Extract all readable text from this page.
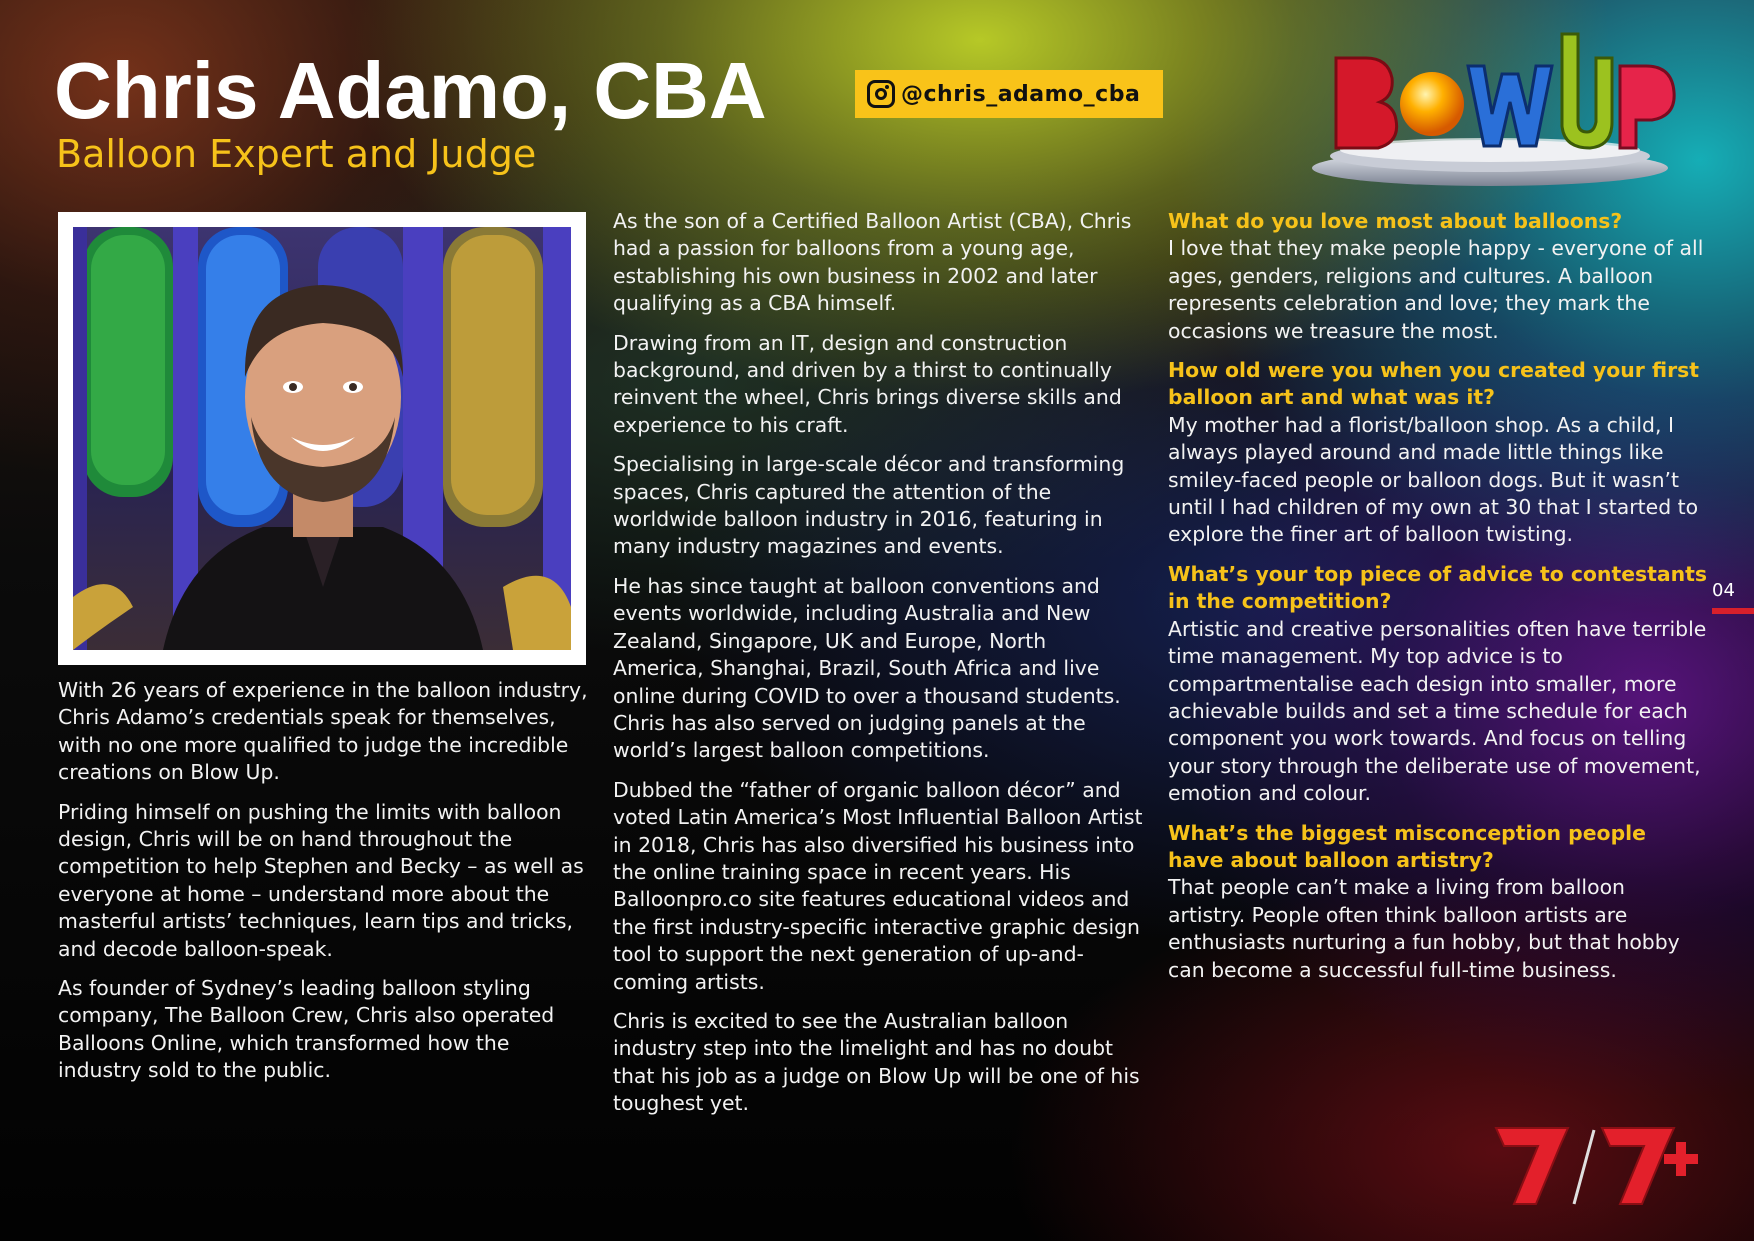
Chris Adamo, CBA
Balloon Expert and Judge
@chris_adamo_cba

With 26 years of experience in the balloon industry, Chris Adamo’s credentials speak for themselves, with no one more qualified to judge the incredible creations on Blow Up.

Priding himself on pushing the limits with balloon design, Chris will be on hand throughout the competition to help Stephen and Becky – as well as everyone at home – understand more about the masterful artists’ techniques, learn tips and tricks, and decode balloon-speak.

As founder of Sydney’s leading balloon styling company, The Balloon Crew, Chris also operated Balloons Online, which transformed how the industry sold to the public.

As the son of a Certified Balloon Artist (CBA), Chris had a passion for balloons from a young age, establishing his own business in 2002 and later qualifying as a CBA himself.

Drawing from an IT, design and construction background, and driven by a thirst to continually reinvent the wheel, Chris brings diverse skills and experience to his craft.

Specialising in large-scale décor and transforming spaces, Chris captured the attention of the worldwide balloon industry in 2016, featuring in many industry magazines and events.

He has since taught at balloon conventions and events worldwide, including Australia and New Zealand, Singapore, UK and Europe, North America, Shanghai, Brazil, South Africa and live online during COVID to over a thousand students. Chris has also served on judging panels at the world’s largest balloon competitions.

Dubbed the “father of organic balloon décor” and voted Latin America’s Most Influential Balloon Artist in 2018, Chris has also diversified his business into the online training space in recent years. His Balloonpro.co site features educational videos and the first industry-specific interactive graphic design tool to support the next generation of up-and-coming artists.

Chris is excited to see the Australian balloon industry step into the limelight and has no doubt that his job as a judge on Blow Up will be one of his toughest yet.

What do you love most about balloons?

I love that they make people happy - everyone of all ages, genders, religions and cultures. A balloon represents celebration and love; they mark the occasions we treasure the most.

How old were you when you created your first balloon art and what was it?

My mother had a florist/balloon shop. As a child, I always played around and made little things like smiley-faced people or balloon dogs. But it wasn’t until I had children of my own at 30 that I started to explore the finer art of balloon twisting.

What’s your top piece of advice to contestants in the competition?

Artistic and creative personalities often have terrible time management. My top advice is to compartmentalise each design into smaller, more achievable builds and set a time schedule for each component you work towards. And focus on telling your story through the deliberate use of movement, emotion and colour.

What’s the biggest misconception people have about balloon artistry?

That people can’t make a living from balloon artistry. People often think balloon artists are enthusiasts nurturing a fun hobby, but that hobby can become a successful full-time business.

04
